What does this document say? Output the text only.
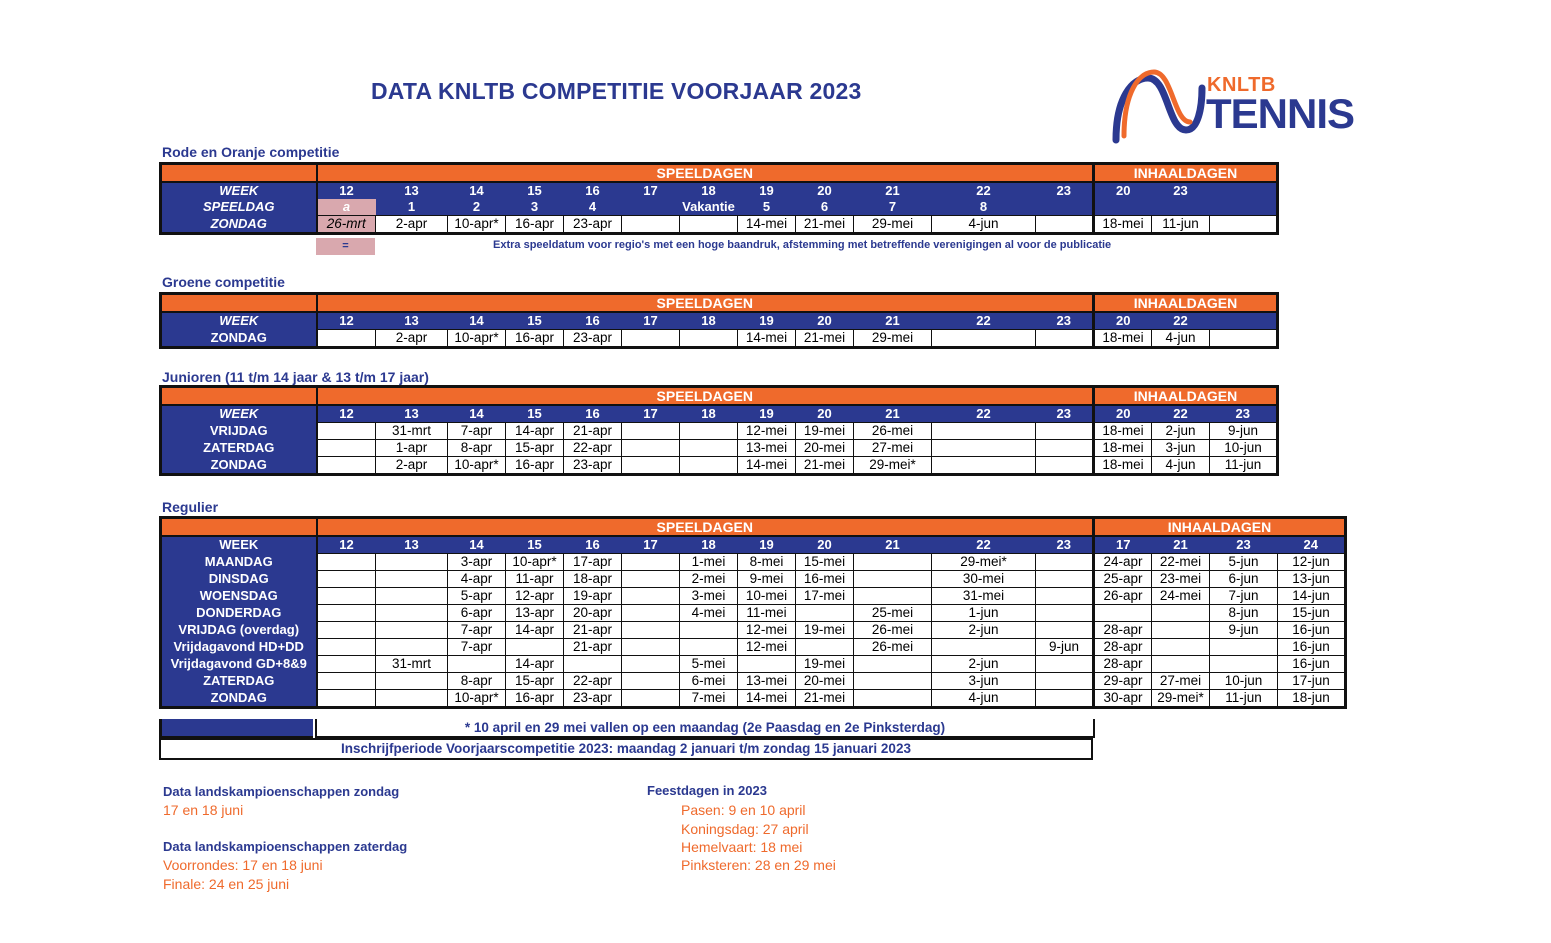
DATA KNLTB COMPETITIE VOORJAAR 2023	KNLTB
TENNIS
Rode en Oranje competitie
	SPEELDAGEN												INHAALDAGEN		
WEEK	12	13	14	15	16	17	18	19	20	21	22	23	20	23	
SPEELDAG	a	1	2	3	4		Vakantie	5	6	7	8				
ZONDAG	26-mrt	2-apr	10-apr*	16-apr	23-apr			14-mei	21-mei	29-mei	4-jun		18-mei	11-jun	
=	Extra speeldatum voor regio's met een hoge baandruk, afstemming met betreffende verenigingen al voor de publicatie
Groene competitie
	SPEELDAGEN												INHAALDAGEN		
WEEK	12	13	14	15	16	17	18	19	20	21	22	23	20	22	
ZONDAG		2-apr	10-apr*	16-apr	23-apr			14-mei	21-mei	29-mei			18-mei	4-jun	
Junioren (11 t/m 14 jaar & 13 t/m 17 jaar)
	SPEELDAGEN												INHAALDAGEN		
WEEK	12	13	14	15	16	17	18	19	20	21	22	23	20	22	23
VRIJDAG		31-mrt	7-apr	14-apr	21-apr			12-mei	19-mei	26-mei			18-mei	2-jun	9-jun
ZATERDAG		1-apr	8-apr	15-apr	22-apr			13-mei	20-mei	27-mei			18-mei	3-jun	10-jun
ZONDAG		2-apr	10-apr*	16-apr	23-apr			14-mei	21-mei	29-mei*			18-mei	4-jun	11-jun
Regulier
	SPEELDAGEN												INHAALDAGEN			
WEEK	12	13	14	15	16	17	18	19	20	21	22	23	17	21	23	24
MAANDAG			3-apr	10-apr*	17-apr		1-mei	8-mei	15-mei		29-mei*		24-apr	22-mei	5-jun	12-jun
DINSDAG			4-apr	11-apr	18-apr		2-mei	9-mei	16-mei		30-mei		25-apr	23-mei	6-jun	13-jun
WOENSDAG			5-apr	12-apr	19-apr		3-mei	10-mei	17-mei		31-mei		26-apr	24-mei	7-jun	14-jun
DONDERDAG			6-apr	13-apr	20-apr		4-mei	11-mei		25-mei	1-jun				8-jun	15-jun
VRIJDAG (overdag)			7-apr	14-apr	21-apr			12-mei	19-mei	26-mei	2-jun		28-apr		9-jun	16-jun
Vrijdagavond HD+DD			7-apr		21-apr			12-mei		26-mei		9-jun	28-apr			16-jun
Vrijdagavond GD+8&9		31-mrt		14-apr			5-mei		19-mei		2-jun		28-apr			16-jun
ZATERDAG			8-apr	15-apr	22-apr		6-mei	13-mei	20-mei		3-jun		29-apr	27-mei	10-jun	17-jun
ZONDAG			10-apr*	16-apr	23-apr		7-mei	14-mei	21-mei		4-jun		30-apr	29-mei*	11-jun	18-jun
* 10 april en 29 mei vallen op een maandag (2e Paasdag en 2e Pinksterdag)
Inschrijfperiode Voorjaarscompetitie 2023: maandag 2 januari t/m zondag 15 januari 2023
Data landskampioenschappen zondag
17 en 18 juni
Data landskampioenschappen zaterdag
Voorrondes: 17 en 18 juni
Finale: 24 en 25 juni
Feestdagen in 2023
Pasen: 9 en 10 april
Koningsdag: 27 april
Hemelvaart: 18 mei
Pinksteren: 28 en 29 mei
